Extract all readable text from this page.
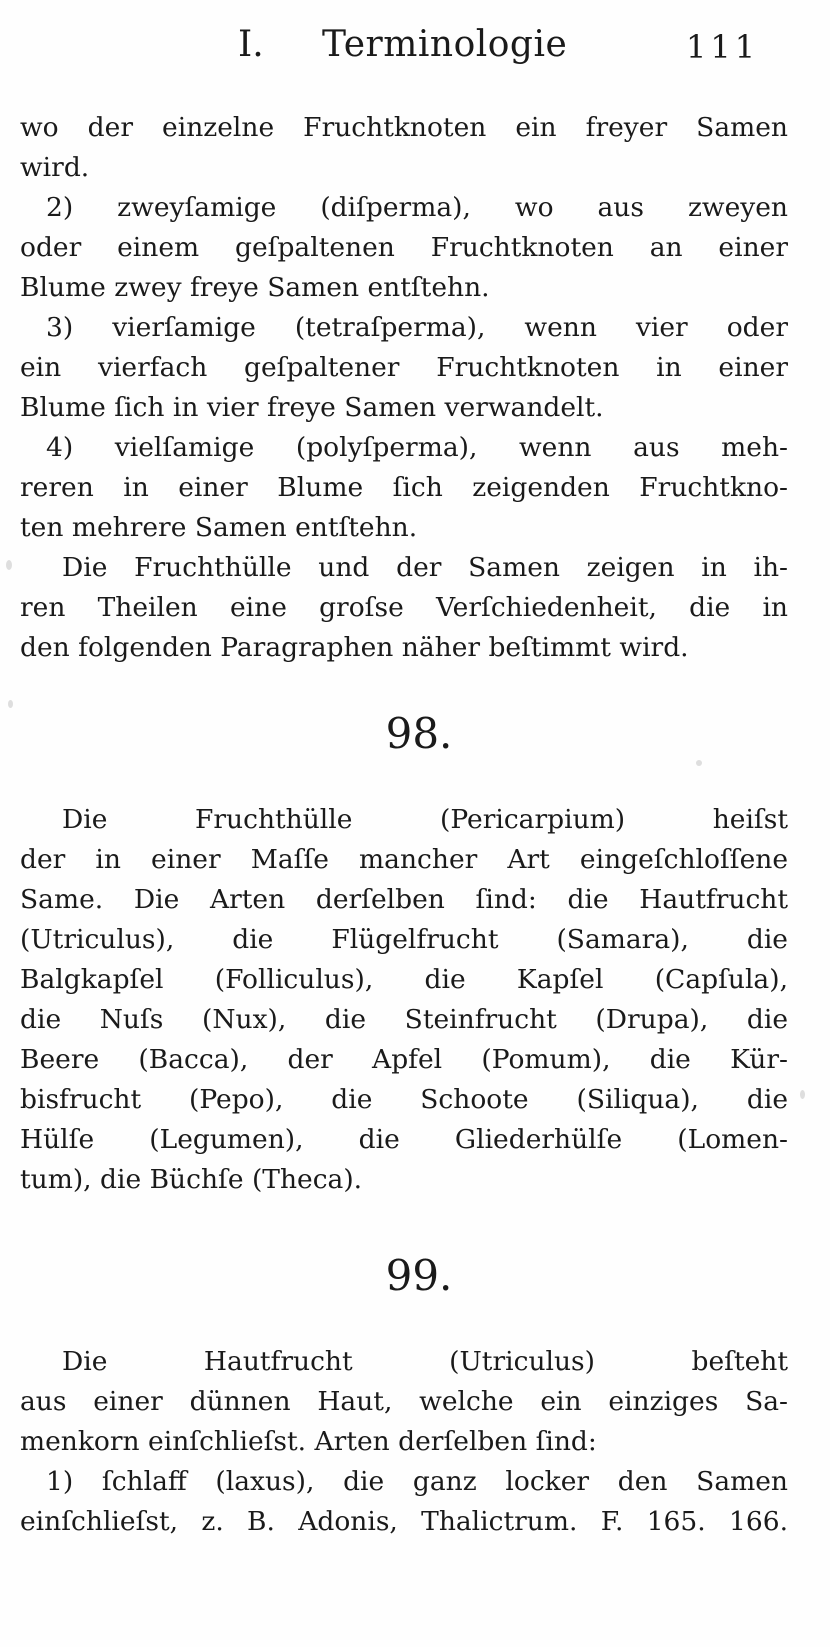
I. Terminologie	111
wo der einzelne Fruchtknoten ein freyer Samen
wird.
2) zweyſamige (diſperma), wo aus zweyen
oder einem geſpaltenen Fruchtknoten an einer
Blume zwey freye Samen entſtehn.
3) vierſamige (tetraſperma), wenn vier oder
ein vierfach geſpaltener Fruchtknoten in einer
Blume ſich in vier freye Samen verwandelt.
4) vielſamige (polyſperma), wenn aus meh-
reren in einer Blume ſich zeigenden Fruchtkno-
ten mehrere Samen entſtehn.
Die Fruchthülle und der Samen zeigen in ih-
ren Theilen eine groſse Verſchiedenheit, die in
den folgenden Paragraphen näher beſtimmt wird.
98.
Die Fruchthülle (Pericarpium) heiſst
der in einer Maſſe mancher Art eingeſchloſſene
Same. Die Arten derſelben ſind: die Hautfrucht
(Utriculus), die Flügelfrucht (Samara), die
Balgkapſel (Folliculus), die Kapſel (Capſula),
die Nuſs (Nux), die Steinfrucht (Drupa), die
Beere (Bacca), der Apfel (Pomum), die Kür-
bisfrucht (Pepo), die Schoote (Siliqua), die
Hülſe (Legumen), die Gliederhülſe (Lomen-
tum), die Büchſe (Theca).
99.
Die Hautfrucht (Utriculus) beſteht
aus einer dünnen Haut, welche ein einziges Sa-
menkorn einſchlieſst. Arten derſelben ſind:
1) ſchlaff (laxus), die ganz locker den Samen
einſchlieſst, z. B. Adonis, Thalictrum. F. 165. 166.
